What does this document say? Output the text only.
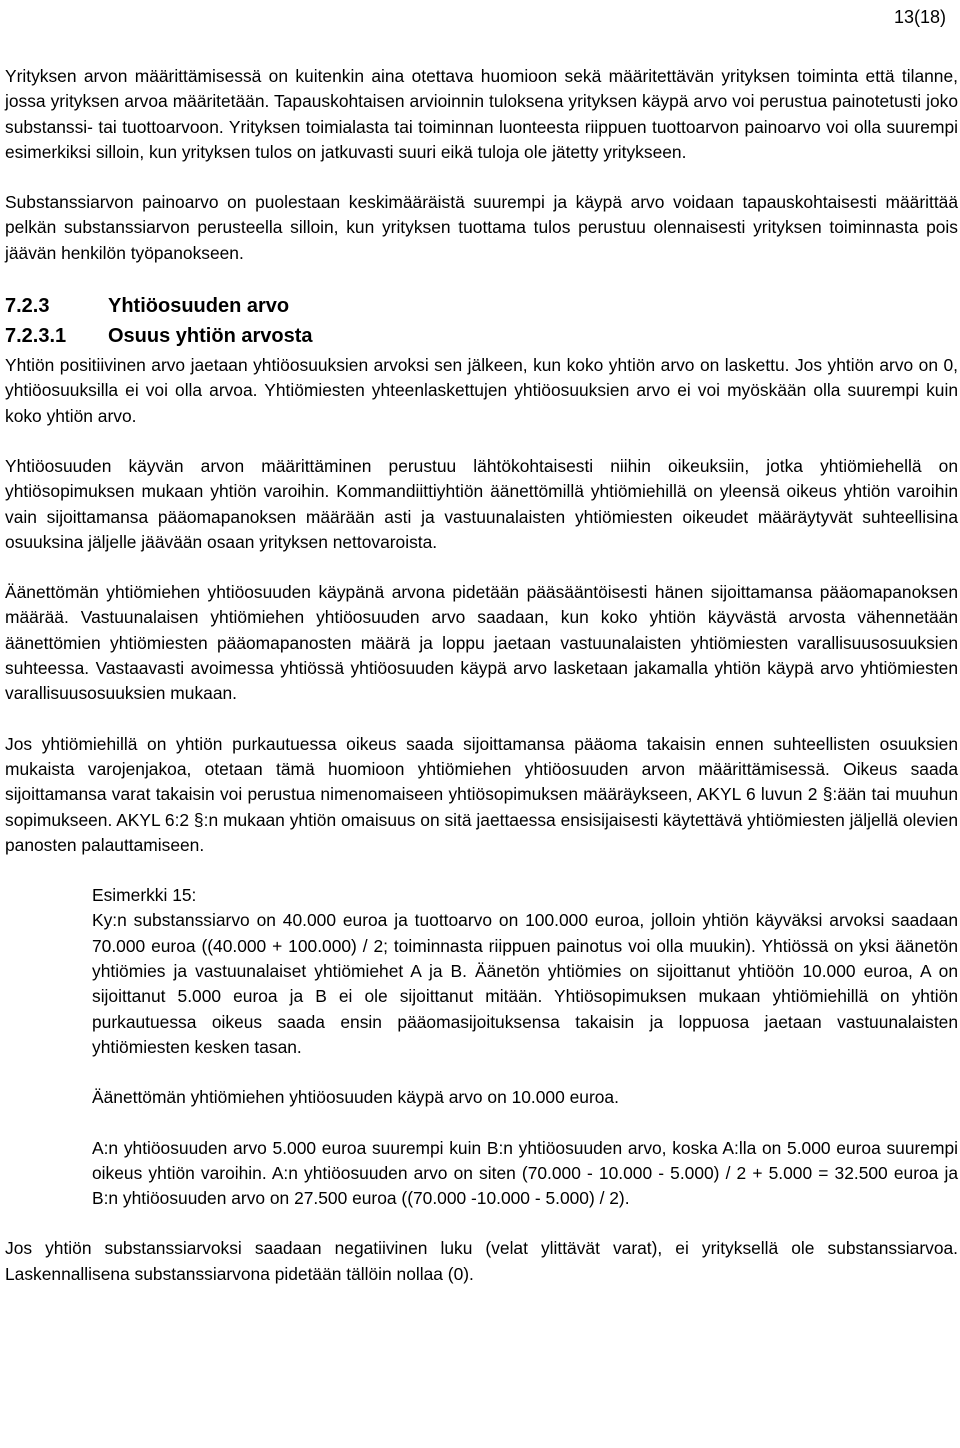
13(18)

Yrityksen arvon määrittämisessä on kuitenkin aina otettava huomioon sekä määritettävän yrityksen toiminta että tilanne, jossa yrityksen arvoa määritetään. Tapauskohtaisen arvioinnin tuloksena yrityksen käypä arvo voi perustua painotetusti joko substanssi- tai tuottoarvoon. Yrityksen toimialasta tai toiminnan luonteesta riippuen tuottoarvon painoarvo voi olla suurempi esimerkiksi silloin, kun yrityksen tulos on jatkuvasti suuri eikä tuloja ole jätetty yritykseen.

Substanssiarvon painoarvo on puolestaan keskimääräistä suurempi ja käypä arvo voidaan tapauskohtaisesti määrittää pelkän substanssiarvon perusteella silloin, kun yrityksen tuottama tulos perustuu olennaisesti yrityksen toiminnasta pois jäävän henkilön työpanokseen.

7.2.3	Yhtiöosuuden arvo
7.2.3.1 Osuus yhtiön arvosta

Yhtiön positiivinen arvo jaetaan yhtiöosuuksien arvoksi sen jälkeen, kun koko yhtiön arvo on laskettu. Jos yhtiön arvo on 0, yhtiöosuuksilla ei voi olla arvoa. Yhtiömiesten yhteenlaskettujen yhtiöosuuksien arvo ei voi myöskään olla suurempi kuin koko yhtiön arvo.

Yhtiöosuuden käyvän arvon määrittäminen perustuu lähtökohtaisesti niihin oikeuksiin, jotka yhtiömiehellä on yhtiösopimuksen mukaan yhtiön varoihin. Kommandiittiyhtiön äänettömillä yhtiömiehillä on yleensä oikeus yhtiön varoihin vain sijoittamansa pääomapanoksen määrään asti ja vastuunalaisten yhtiömiesten oikeudet määräytyvät suhteellisina osuuksina jäljelle jäävään osaan yrityksen nettovaroista.

Äänettömän yhtiömiehen yhtiöosuuden käypänä arvona pidetään pääsääntöisesti hänen sijoittamansa pääomapanoksen määrää. Vastuunalaisen yhtiömiehen yhtiöosuuden arvo saadaan, kun koko yhtiön käyvästä arvosta vähennetään äänettömien yhtiömiesten pääomapanosten määrä ja loppu jaetaan vastuunalaisten yhtiömiesten varallisuusosuuksien suhteessa. Vastaavasti avoimessa yhtiössä yhtiöosuuden käypä arvo lasketaan jakamalla yhtiön käypä arvo yhtiömiesten varallisuusosuuksien mukaan.

Jos yhtiömiehillä on yhtiön purkautuessa oikeus saada sijoittamansa pääoma takaisin ennen suhteellisten osuuksien mukaista varojenjakoa, otetaan tämä huomioon yhtiömiehen yhtiöosuuden arvon määrittämisessä. Oikeus saada sijoittamansa varat takaisin voi perustua nimenomaiseen yhtiösopimuksen määräykseen, AKYL 6 luvun 2 §:ään tai muuhun sopimukseen. AKYL 6:2 §:n mukaan yhtiön omaisuus on sitä jaettaessa ensisijaisesti käytettävä yhtiömiesten jäljellä olevien panosten palauttamiseen.

Esimerkki 15:

Ky:n substanssiarvo on 40.000 euroa ja tuottoarvo on 100.000 euroa, jolloin yhtiön käyväksi arvoksi saadaan 70.000 euroa ((40.000 + 100.000) / 2; toiminnasta riippuen painotus voi olla muukin). Yhtiössä on yksi äänetön yhtiömies ja vastuunalaiset yhtiömiehet A ja B. Äänetön yhtiömies on sijoittanut yhtiöön 10.000 euroa, A on sijoittanut 5.000 euroa ja B ei ole sijoittanut mitään. Yhtiösopimuksen mukaan yhtiömiehillä on yhtiön purkautuessa oikeus saada ensin pääomasijoituksensa takaisin ja loppuosa jaetaan vastuunalaisten yhtiömiesten kesken tasan.

Äänettömän yhtiömiehen yhtiöosuuden käypä arvo on 10.000 euroa.

A:n yhtiöosuuden arvo 5.000 euroa suurempi kuin B:n yhtiöosuuden arvo, koska A:lla on 5.000 euroa suurempi oikeus yhtiön varoihin. A:n yhtiöosuuden arvo on siten (70.000 - 10.000 - 5.000) / 2 + 5.000 = 32.500 euroa ja B:n yhtiöosuuden arvo on 27.500 euroa ((70.000 -10.000 - 5.000) / 2).

Jos yhtiön substanssiarvoksi saadaan negatiivinen luku (velat ylittävät varat), ei yrityksellä ole substanssiarvoa. Laskennallisena substanssiarvona pidetään tällöin nollaa (0).
